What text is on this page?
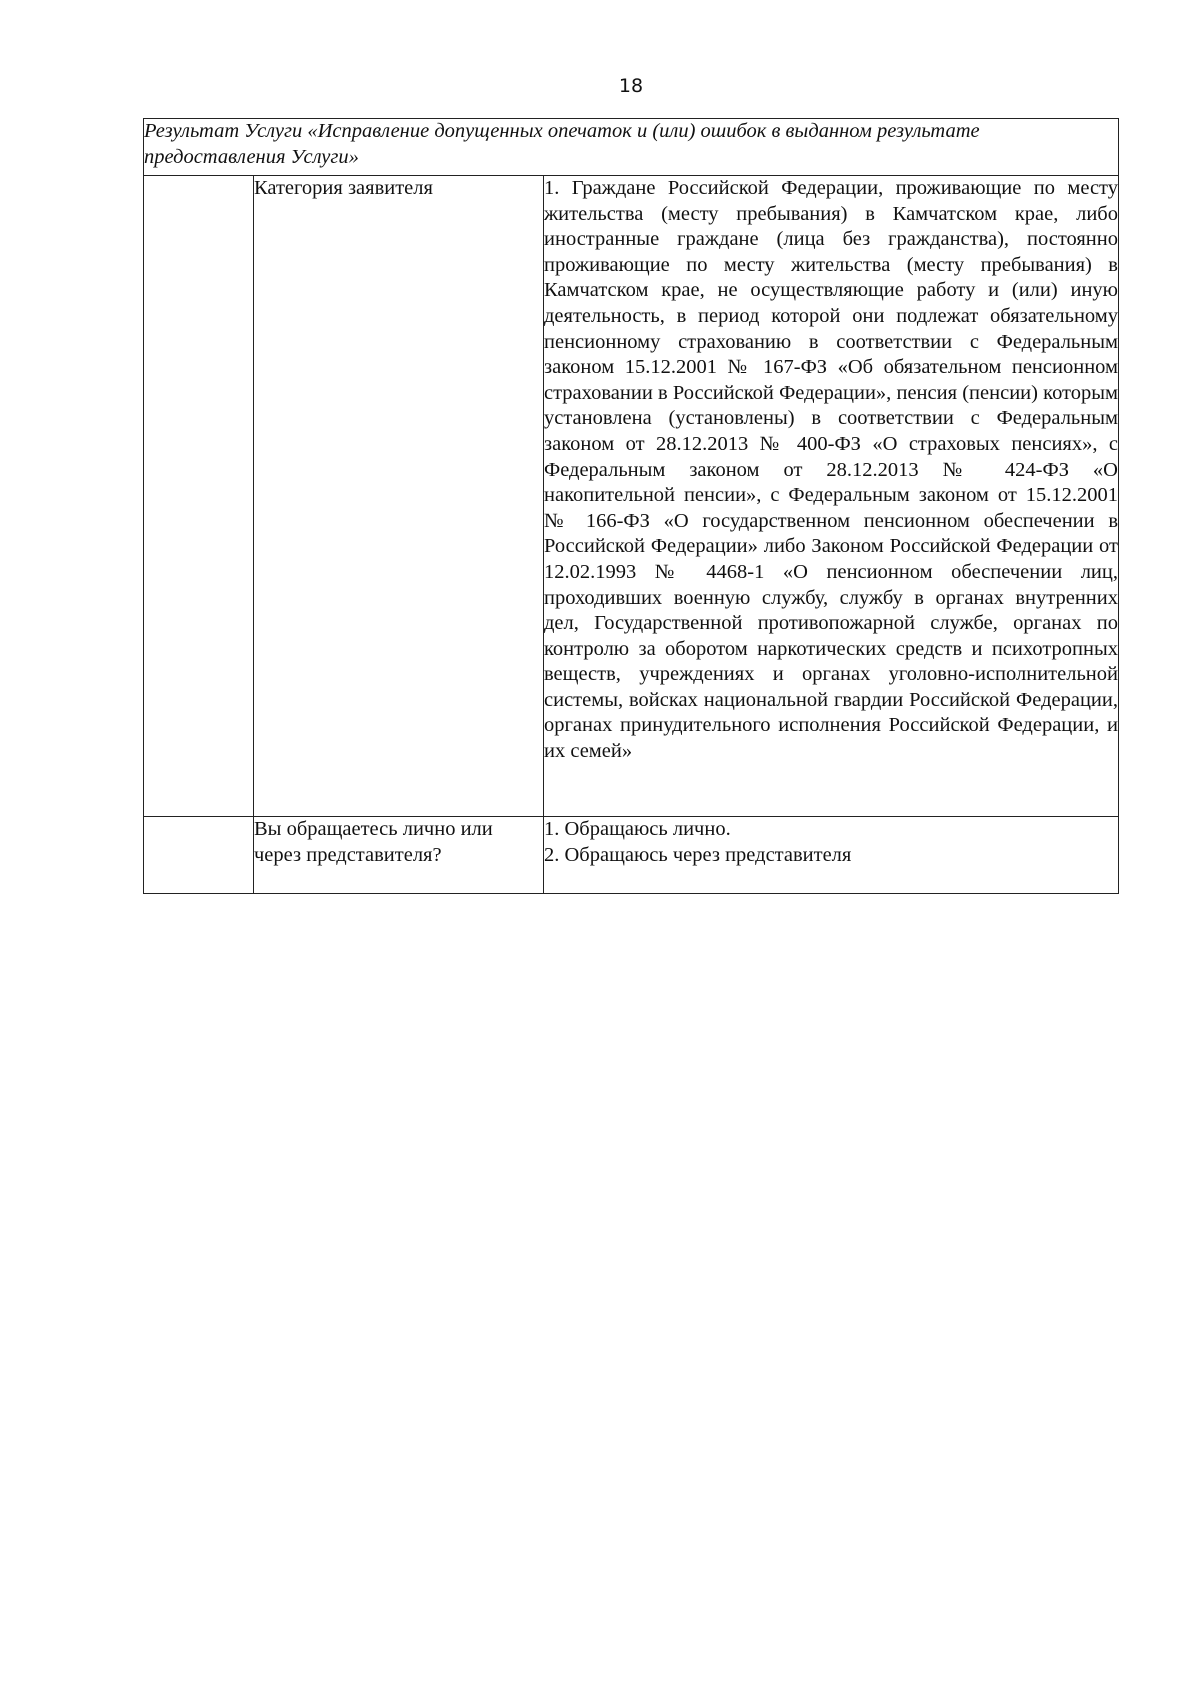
18
Результат Услуги «Исправление допущенных опечаток и (или) ошибок в выданном результате предоставления Услуги»		
	Категория заявителя	1. Граждане Российской Федерации, проживающие по месту жительства (месту пребывания) в Камчатском крае, либо иностранные граждане (лица без гражданства), постоянно проживающие по месту жительства (месту пребывания) в Камчатском крае, не осуществляющие работу и (или) иную деятельность, в период которой они подлежат обязательному пенсионному страхованию в соответствии с Федеральным законом 15.12.2001 № 167-ФЗ «Об обязательном пенсионном страховании в Российской Федерации», пенсия (пенсии) которым установлена (установлены) в соответствии с Федеральным законом от 28.12.2013 № 400-ФЗ «О страховых пенсиях», с Федеральным законом от 28.12.2013 № 424-ФЗ «О накопительной пенсии», с Федеральным законом от 15.12.2001 № 166-ФЗ «О государственном пенсионном обеспечении в Российской Федерации» либо Законом Российской Федерации от 12.02.1993 № 4468-1 «О пенсионном обеспечении лиц, проходивших военную службу, службу в органах внутренних дел, Государственной противопожарной службе, органах по контролю за оборотом наркотических средств и психотропных веществ, учреждениях и органах уголовно-исполнительной системы, войсках национальной гвардии Российской Федерации, органах принудительного исполнения Российской Федерации, и их семей»

	Вы обращаетесь лично или через представителя?	1. Обращаюсь лично.

2. Обращаюсь через представителя
